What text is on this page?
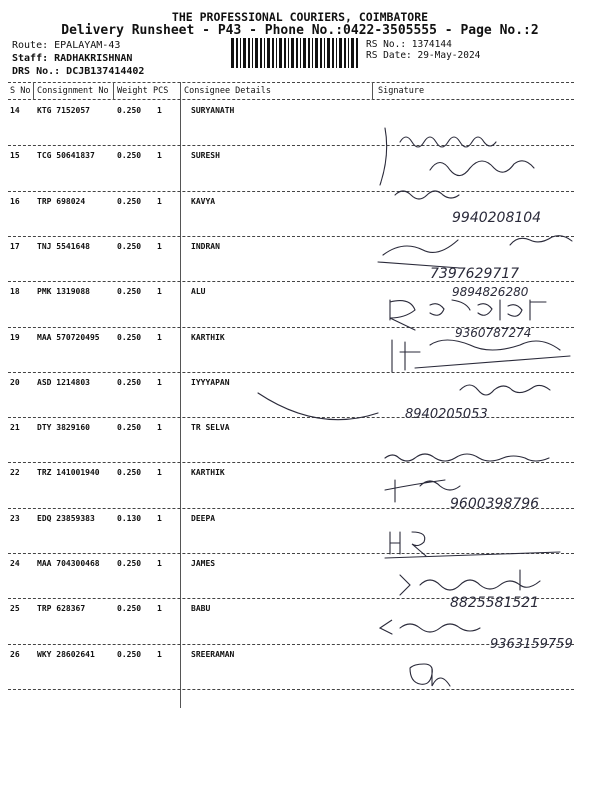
THE PROFESSIONAL COURIERS, COIMBATORE
Delivery Runsheet - P43 - Phone No.:0422-3505555 - Page No.:2
Route: EPALAYAM-43
Staff: RADHAKRISHNAN
DRS No.: DCJB137414402
RS No.: 1374144
RS Date: 29-May-2024
S No Consignment No Weight PCS Consignee Details	Signature
14 KTG 7152057	0.250 1	SURYANATH
15 TCG 50641837	0.250 1	SURESH
16 TRP 698024	0.250 1	KAVYA
17 TNJ 5541648	0.250 1	INDRAN
18 PMK 1319088	0.250 1	ALU
19 MAA 570720495 0.250 1	KARTHIK
20 ASD 1214803	0.250 1	IYYYAPAN
21 DTY 3829160	0.250 1	TR SELVA
22 TRZ 141001940 0.250 1	KARTHIK
23 EDQ 23859383	0.130 1	DEEPA
24 MAA 704300468 0.250 1	JAMES
25 TRP 628367	0.250 1	BABU
26 WKY 28602641	0.250 1	SREERAMAN
9940208104
7397629717
9894826280
9360787274
8940205053
9600398796
8825581521
9363159759
